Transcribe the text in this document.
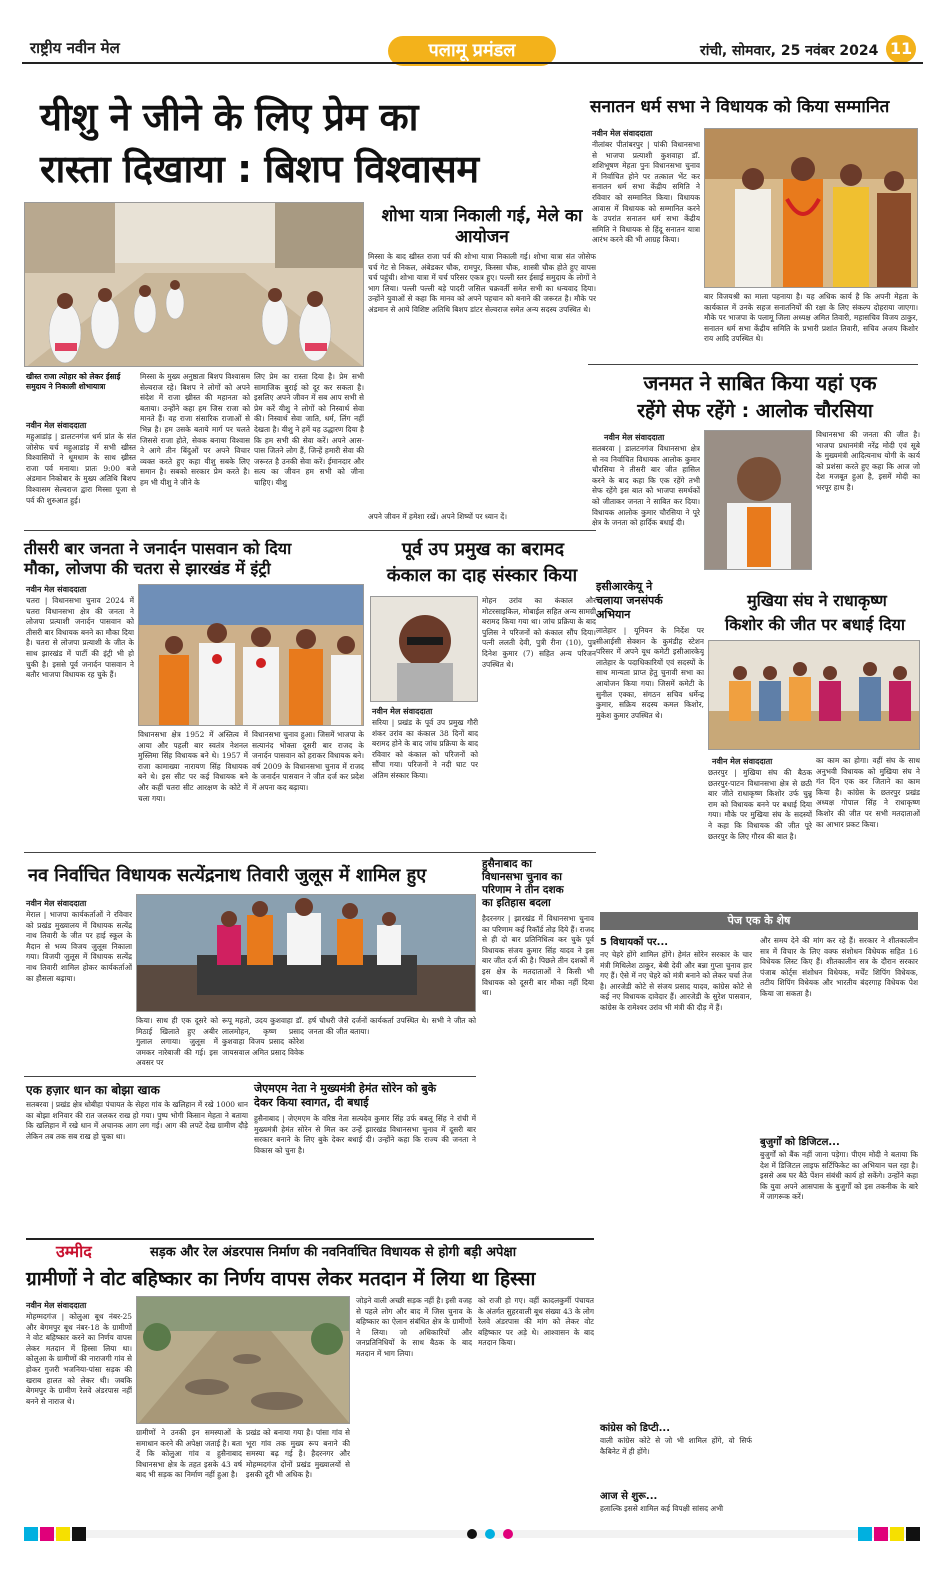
राष्ट्रीय नवीन मेल	पलामू प्रमंडल	रांची, सोमवार, 25 नवंबर 2024 11
यीशु ने जीने के लिए प्रेम का
रास्ता दिखाया : बिशप विश्वासम
खीस्त राजा त्योहार को लेकर ईसाई समुदाय ने निकाली शोभायात्रा
नवीन मेल संवाददाता
महुआडांड़ | डालटनगंज धर्म प्रांत के संत जोसेफ चर्च महुआडांड़ में सभी खीस्त विश्वासियों ने धूमधाम के साथ ख्रीस्त राजा पर्व मनाया। प्रातः 9:00 बजे अंडमान निकोबार के मुख्य अतिथि बिशप विश्वासम सेल्वराज द्वारा मिस्सा पूजा से पर्व की शुरुआत हुई।
मिस्सा के मुख्य अनुष्ठाता बिशप विश्वासम सेल्वराज रहे। बिशप ने लोगों को अपने संदेश में राजा ख्रीस्त की महानता को बताया। उन्होंने कहा हम जिस राजा को मानते हैं। वह राजा संसारिक राजाओं से भिन्न है। हम उसके बताये मार्ग पर चलते जिससे राजा होते, सेवक बनाया विश्वास ने आगे तीन बिंदुओं पर अपने विचार व्यक्त करते हुए कहा यीशु सबके लिए समान है। सबको सरकार प्रेम करते है। हम भी यीशु ने जीने के
लिए प्रेम का रास्ता दिया है। प्रेम सभी सामाजिक बुराई को दूर कर सकता है। इसलिए अपने जीवन में सब आप सभी से प्रेम करें यीशु ने लोगों को निस्वार्थ सेवा की। निस्वार्थ सेवा जाति, धर्म, लिंग नहीं देखता है। यीशु ने हमें यह उद्धारण दिया है कि हम सभी की सेवा करें। अपने आस-पास जितने लोग हैं, जिन्हें हमारी सेवा की जरूरत है उनकी सेवा करें। ईमानदार और सत्य का जीवन हम सभी को जीना चाहिए। यीशु
शोभा यात्रा निकाली गई, मेले का आयोजन
मिस्सा के बाद खीस्त राजा पर्व की शोभा यात्रा निकाली गई। शोभा यात्रा संत जोसेफ चर्च गेट से निकल, अंबेडकर चौक, रामपुर, किस्सा चौक, शास्त्री चौक होते हुए वापस चर्च पहुंची। शोभा यात्रा में चर्च परिसर एकत्र हुए। पल्ली स्तर ईसाई समुदाय के लोगों ने भाग लिया। पल्ली पल्ली बड़े पादरी जसिल चक्रवर्ती समेत सभी का धन्यवाद दिया। उन्होंने युवाओं से कहा कि मानव को अपने पहचान को बनाने की जरूरत है। मौके पर अंडमान से आये विशिष्ट अतिथि बिशप डांटर सेल्वराज समेत अन्य सदस्य उपस्थित थे।
अपने जीवन में हमेशा रखें। अपने शिष्यों पर ध्यान दें।
सनातन धर्म सभा ने विधायक को किया सम्मानित
नवीन मेल संवाददाता
नीलांबर पीतांबरपुर | पांकी विधानसभा से भाजपा प्रत्याशी कुशवाहा डॉ. शशिभूषण मेहता पुनः विधानसभा चुनाव में निर्वाचित होने पर तत्काल भेंट कर सनातन धर्म सभा केंद्रीय समिति ने रविवार को सम्मानित किया। विधायक आवास में विधायक को सम्मानित करने के उपरांत सनातन धर्म सभा केंद्रीय समिति ने विधायक से हिंदू सनातन यात्रा आरंभ करने की भी आग्रह किया।
बार विजयश्री का माला पहनाया है। यह अधिक कार्य है कि अपनी मेहता के कार्यकाल में उनके सहज सनातनियों की रक्षा के लिए संकल्प दोहराया जाएगा। मौके पर भाजपा के पलामू जिला अध्यक्ष अमित तिवारी, महासचिव विजय ठाकुर, सनातन धर्म सभा केंद्रीय समिति के प्रभारी प्रशांत तिवारी, सचिव अजय किशोर राय आदि उपस्थित थे।
जनमत ने साबित किया यहां एक
रहेंगे सेफ रहेंगे : आलोक चौरसिया
नवीन मेल संवाददाता
सतबरवा | डालटनगंज विधानसभा क्षेत्र से नव निर्वाचित विधायक आलोक कुमार चौरसिया ने तीसरी बार जीत हासिल करने के बाद कहा कि एक रहेंगे तभी सेफ रहेंगे इस बात को भाजपा समर्थकों को जीताकर जनता ने साबित कर दिया। विधायक आलोक कुमार चौरसिया ने पूरे क्षेत्र के जनता को हार्दिक बधाई दी।
विधानसभा की जनता की जीत है। भाजपा प्रधानमंत्री नरेंद्र मोदी एवं सूबे के मुख्यमंत्री आदित्यनाथ योगी के कार्य को प्रशंसा करते हुए कहा कि आज जो देश मजबूत हुआ है, इसमें मोदी का भरपूर हाथ है।
तीसरी बार जनता ने जनार्दन पासवान को दिया
मौका, लोजपा की चतरा से झारखंड में इंट्री
नवीन मेल संवाददाता
चतरा | विधानसभा चुनाव 2024 में चतरा विधानसभा क्षेत्र की जनता ने लोजपा प्रत्याशी जनार्दन पासवान को तीसरी बार विधायक बनने का मौका दिया है। चतरा से लोजपा प्रत्याशी के जीत के साथ झारखंड में पार्टी की इंट्री भी हो चुकी है। इससे पूर्व जनार्दन पासवान ने बतौर भाजपा विधायक रह चुके हैं।
विधानसभा क्षेत्र 1952 में अस्तित्व में आया और पहली बार स्वतंत्र नेशनल मुस्लिमा सिंह विधायक बने थे। 1957 में राजा कामाख्या नारायण सिंह विधायक बने थे। इस सीट पर कई विधायक बने और कहीं चतरा सीट आरक्षण के कोटे में चला गया।
विधानसभा चुनाव हुआ। जिसमें भाजपा के सत्यानंद भोक्ता दूसरी बार राजद के जनार्दन पासवान को हराकर विधायक बने। वर्ष 2009 के विधानसभा चुनाव में राजद के जनार्दन पासवान ने जीत दर्ज कर प्रदेश में अपना कद बढ़ाया।
पूर्व उप प्रमुख का बरामद
कंकाल का दाह संस्कार किया
नवीन मेल संवाददाता
सरिया | प्रखंड के पूर्व उप प्रमुख गौरी शंकर उरांव का कंकाल 38 दिनों बाद बरामद होने के बाद जांच प्रक्रिया के बाद रविवार को कंकाल को परिजनों को सौंपा गया। परिजनों ने नदी घाट पर अंतिम संस्कार किया।
मोहन उरांव का कंकाल और मोटरसाइकिल, मोबाईल सहित अन्य सामग्री बरामद किया गया था। जांच प्रक्रिया के बाद पुलिस ने परिजनों को कंकाल सौंप दिया। पत्नी ललती देवी, पुत्री रीना (10), पुत्र दिनेश कुमार (7) सहित अन्य परिजन उपस्थित थे।
इसीआरकेयू ने
चलाया जनसंपर्क
अभियान
लातेहार | यूनियन के निर्देश पर सीआईसी सेक्शन के कुमंडीह स्टेशन परिसर में अपने यूथ कमेटी इसीआरकेयू लातेहार के पदाधिकारियों एवं सदस्यों के साथ मान्यता प्राप्त हेतु चुनावी सभा का आयोजन किया गया। जिसमें कमेटी के सुनील एक्का, संगठन सचिव धर्मेन्द्र कुमार, सक्रिय सदस्य कमल किशोर, मुकेश कुमार उपस्थित थे।
मुखिया संघ ने राधाकृष्ण
किशोर की जीत पर बधाई दिया
नवीन मेल संवाददाता
छतरपुर | मुखिया संघ की बैठक छतरपुर-पाटन विधानसभा क्षेत्र से छठी बार जीते राधाकृष्ण किशोर उर्फ चुन्नू राम को विधायक बनने पर बधाई दिया गया। मौके पर मुखिया संघ के सदस्यों ने कहा कि विधायक की जीत पूरे छतरपुर के लिए गौरव की बात है।
का काम का होगा। वहीं संघ के साथ अनुभवी विधायक को मुखिया संघ ने गंत दिन एक कर जिताने का काम किया है। कांग्रेस के छतरपुर प्रखंड अध्यक्ष गोपाल सिंह ने राधाकृष्ण किशोर की जीत पर सभी मतदाताओं का आभार प्रकट किया।
नव निर्वाचित विधायक सत्येंद्रनाथ तिवारी जुलूस में शामिल हुए
नवीन मेल संवाददाता
मेराल | भाजपा कार्यकर्ताओं ने रविवार को प्रखंड मुख्यालय में विधायक सत्येंद्र नाथ तिवारी के जीत पर हाई स्कूल के मैदान से भव्य विजय जुलूस निकाला गया। विजयी जुलूस में विधायक सत्येंद्र नाथ तिवारी शामिल होकर कार्यकर्ताओं का हौसला बढ़ाया।
किया। साथ ही एक दूसरे को मिठाई खिलाते हुए अबीर गुलाल लगाया। जुलूस में जमकर नारेबाजी की गई। इस अवसर पर
रूपू महतो, उदय कुशवाहा डॉ. लालमोहन, कृष्ण प्रसाद कुशवाहा विजय प्रसाद कोरेश जायसवाल अमित प्रसाद विवेक
हर्ष चौधरी जैसे दर्जनों कार्यकर्ता उपस्थित थे। सभी ने जीत को जनता की जीत बताया।
हुसैनाबाद का
विधानसभा चुनाव का
परिणाम ने तीन दशक
का इतिहास बदला
हैदरनगर | झारखंड में विधानसभा चुनाव का परिणाम कई रिकॉर्ड तोड़ दिये हैं। राजद से ही दो बार प्रतिनिधित्व कर चुके पूर्व विधायक संजय कुमार सिंह यादव ने इस बार जीत दर्ज की है। पिछले तीन दशकों में इस क्षेत्र के मतदाताओं ने किसी भी विधायक को दूसरी बार मौका नहीं दिया था।
एक हज़ार धान का बोझा खाक
सतबरवा | प्रखंड क्षेत्र धोबीहा पंचायत के सेहरा गांव के खलिहान में रखे 1000 धान का बोझा शनिवार की रात जलकर राख हो गया। पुष्प भोगी किसान मेहता ने बताया कि खलिहान में रखे धान में अचानक आग लग गई। आग की लपटें देख ग्रामीण दौड़े लेकिन तब तक सब राख हो चुका था।
जेएमएम नेता ने मुख्यमंत्री हेमंत सोरेन को बुके
देकर किया स्वागत, दी बधाई
हुसैनाबाद | जेएमएम के वरिष्ठ नेता सत्यदेव कुमार सिंह उर्फ बबलू सिंह ने रांची में मुख्यमंत्री हेमंत सोरेन से मिल कर उन्हें झारखंड विधानसभा चुनाव में दूसरी बार सरकार बनाने के लिए बुके देकर बधाई दी। उन्होंने कहा कि राज्य की जनता ने विकास को चुना है।
पेज एक के शेष
5 विधायकों पर...
नए चेहरे होंगे शामिल होंगे। हेमंत सोरेन सरकार के चार मंत्री मिथिलेश ठाकुर, बेबी देवी और बन्ना गुप्ता चुनाव हार गए हैं। ऐसे में नए चेहरे को मंत्री बनाने को लेकर चर्चा तेज है। आरजेडी कोटे से संजय प्रसाद यादव, कांग्रेस कोटे से कई नए विधायक दावेदार हैं। आरजेडी के सुरेश पासवान, कांग्रेस के रामेश्वर उरांव भी मंत्री की दौड़ में हैं।
और समय देने की मांग कर रहे हैं। सरकार ने शीतकालीन सत्र में विचार के लिए वक्फ संशोधन विधेयक सहित 16 विधेयक लिस्ट किए हैं। शीतकालीन सत्र के दौरान सरकार पंजाब कोर्ट्स संशोधन विधेयक, मर्चेंट शिपिंग विधेयक, तटीय शिपिंग विधेयक और भारतीय बंदरगाह विधेयक पेश किया जा सकता है।
बुजुर्गों को डिजिटल...
बुजुर्गों को बैंक नहीं जाना पड़ेगा। पीएम मोदी ने बताया कि देश में डिजिटल लाइफ सर्टिफिकेट का अभियान चल रहा है। इससे अब घर बैठे पेंशन संबंधी कार्य हो सकेंगे। उन्होंने कहा कि युवा अपने आसपास के बुजुर्गों को इस तकनीक के बारे में जागरूक करें।
कांग्रेस को डिप्टी...
वाली कांग्रेस कोटे से जो भी शामिल होंगे, वो सिर्फ कैबिनेट में ही होंगे।
आज से शुरू...
हलाल्कि इससे शामिल कई विपक्षी सांसद अभी
उम्मीद	सड़क और रेल अंडरपास निर्माण की नवनिर्वाचित विधायक से होगी बड़ी अपेक्षा
ग्रामीणों ने वोट बहिष्कार का निर्णय वापस लेकर मतदान में लिया था हिस्सा
नवीन मेल संवाददाता
मोहम्मदगंज | कोलुआ बूथ नंबर-25 और बेगमपुर बूथ नंबर-18 के ग्रामीणों ने वोट बहिष्कार करने का निर्णय वापस लेकर मतदान में हिस्सा लिया था। कोलुआ के ग्रामीणों की नाराजगी गांव से होकर गुजरी भजनिया-पांसा सड़क की खराब हालत को लेकर थी। जबकि बेगमपुर के ग्रामीण रेलवे अंडरपास नहीं बनने से नाराज थे।
ग्रामीणों ने उनकी इन समस्याओं के समाधान करने की अपेक्षा जताई है। बता दें कि कोलुआ गांव व हुसैनाबाद विधानसभा क्षेत्र के तहत इसके 43 वर्ष बाद भी सड़क का निर्माण नहीं हुआ है।
प्रखंड को बनाया गया है। पांसा गांव से भूरा गांव तक मुख्य रूप बनाने की समस्या बढ़ गई है। हैदरनगर और मोहम्मदगंज दोनों प्रखंड मुख्यालयों से इसकी दूरी भी अधिक है।
जोड़ने वाली अच्छी सड़क नहीं है। इसी वजह से पहले लोग और बाद में जिस चुनाव के बहिष्कार का ऐलान संबंधित क्षेत्र के ग्रामीणों ने लिया। जो अधिकारियों और जनप्रतिनिधियों के साथ बैठक के बाद मतदान में भाग लिया।
को राजी हो गए। वहीं कादलकुर्मी पंचायत के अंतर्गत सुहरवाली बूथ संख्या 43 के लोग रेलवे अंडरपास की मांग को लेकर वोट बहिष्कार पर अड़े थे। आश्वासन के बाद मतदान किया।
